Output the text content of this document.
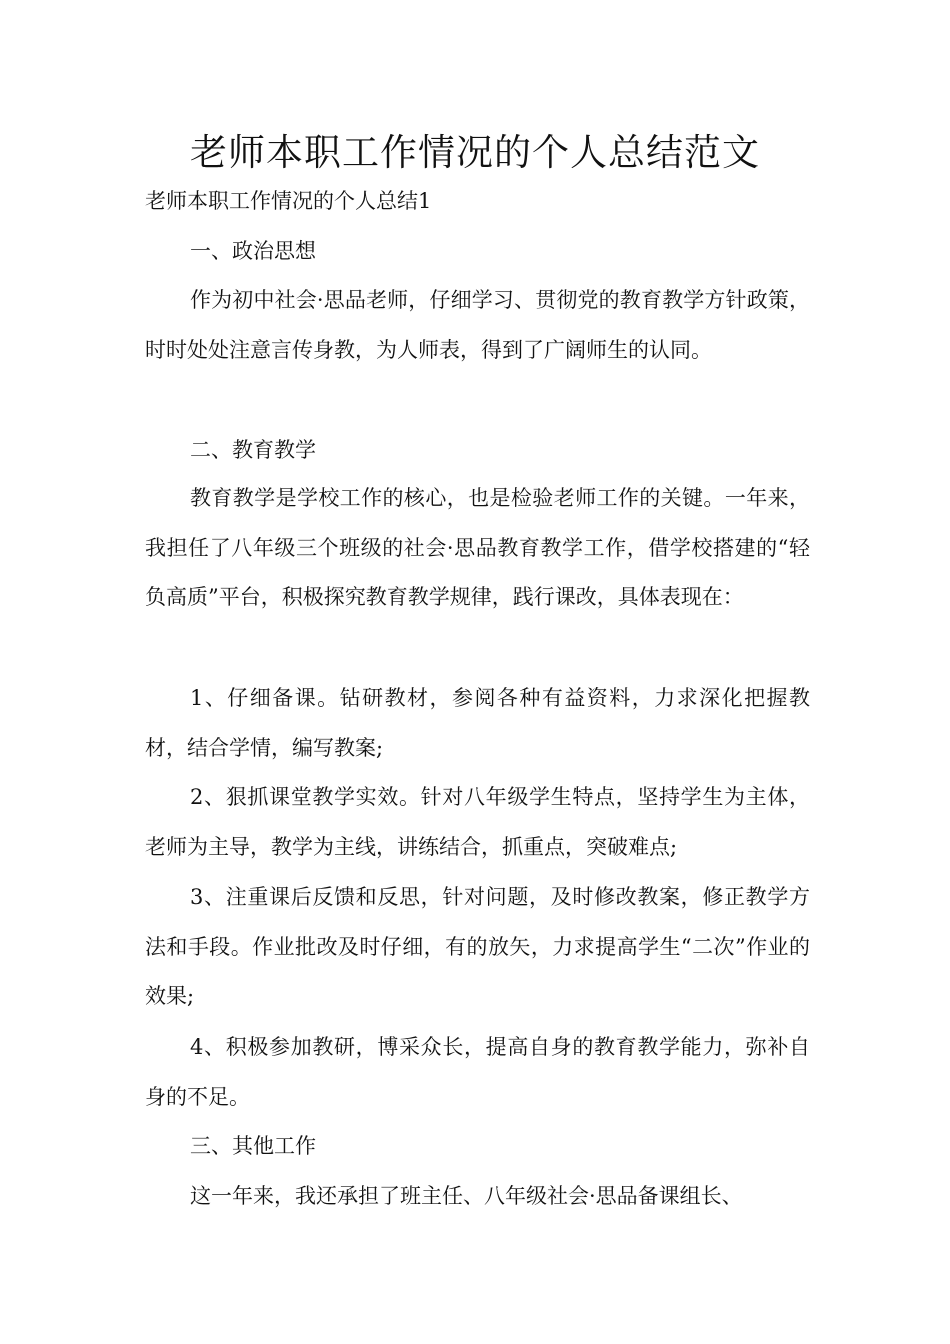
老师本职工作情况的个人总结范文

老师本职工作情况的个人总结1

一、政治思想

作为初中社会·思品老师，仔细学习、贯彻党的教育教学方针政策，时时处处注意言传身教，为人师表，得到了广阔师生的认同。

二、教育教学

教育教学是学校工作的核心，也是检验老师工作的关键。一年来，我担任了八年级三个班级的社会·思品教育教学工作，借学校搭建的“轻负高质”平台，积极探究教育教学规律，践行课改，具体表现在：

1、仔细备课。钻研教材，参阅各种有益资料，力求深化把握教材，结合学情，编写教案;

2、狠抓课堂教学实效。针对八年级学生特点，坚持学生为主体，老师为主导，教学为主线，讲练结合，抓重点，突破难点;

3、注重课后反馈和反思，针对问题，及时修改教案，修正教学方法和手段。作业批改及时仔细，有的放矢，力求提高学生“二次”作业的效果;

4、积极参加教研，博采众长，提高自身的教育教学能力，弥补自身的不足。

三、其他工作

这一年来，我还承担了班主任、八年级社会·思品备课组长、
